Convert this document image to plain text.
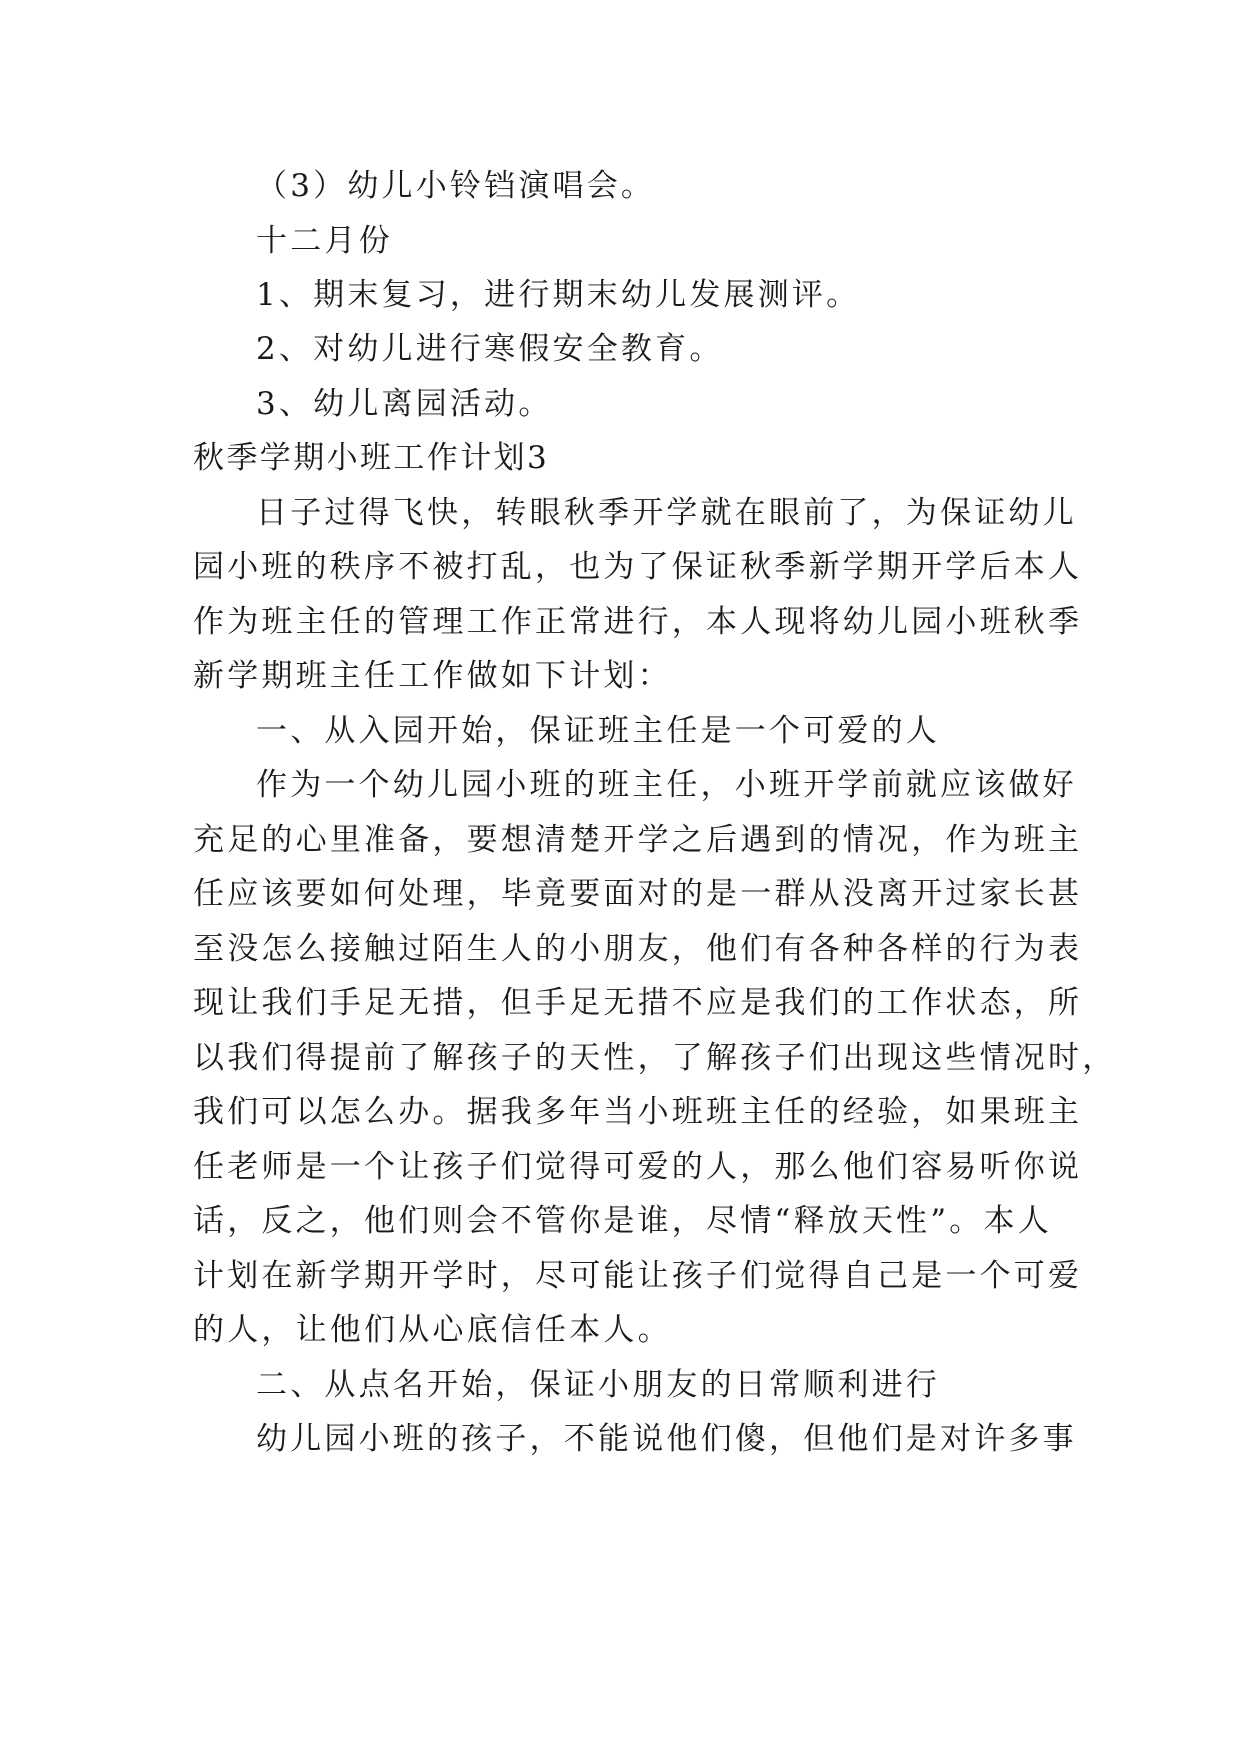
（3）幼儿小铃铛演唱会。
十二月份
1、期末复习，进行期末幼儿发展测评。
2、对幼儿进行寒假安全教育。
3、幼儿离园活动。
秋季学期小班工作计划3
日子过得飞快，转眼秋季开学就在眼前了，为保证幼儿
园小班的秩序不被打乱，也为了保证秋季新学期开学后本人
作为班主任的管理工作正常进行，本人现将幼儿园小班秋季
新学期班主任工作做如下计划：
一、从入园开始，保证班主任是一个可爱的人
作为一个幼儿园小班的班主任，小班开学前就应该做好
充足的心里准备，要想清楚开学之后遇到的情况，作为班主
任应该要如何处理，毕竟要面对的是一群从没离开过家长甚
至没怎么接触过陌生人的小朋友，他们有各种各样的行为表
现让我们手足无措，但手足无措不应是我们的工作状态，所
以我们得提前了解孩子的天性，了解孩子们出现这些情况时，
我们可以怎么办。据我多年当小班班主任的经验，如果班主
任老师是一个让孩子们觉得可爱的人，那么他们容易听你说
话，反之，他们则会不管你是谁，尽情“释放天性”。本人
计划在新学期开学时，尽可能让孩子们觉得自己是一个可爱
的人，让他们从心底信任本人。
二、从点名开始，保证小朋友的日常顺利进行
幼儿园小班的孩子，不能说他们傻，但他们是对许多事
